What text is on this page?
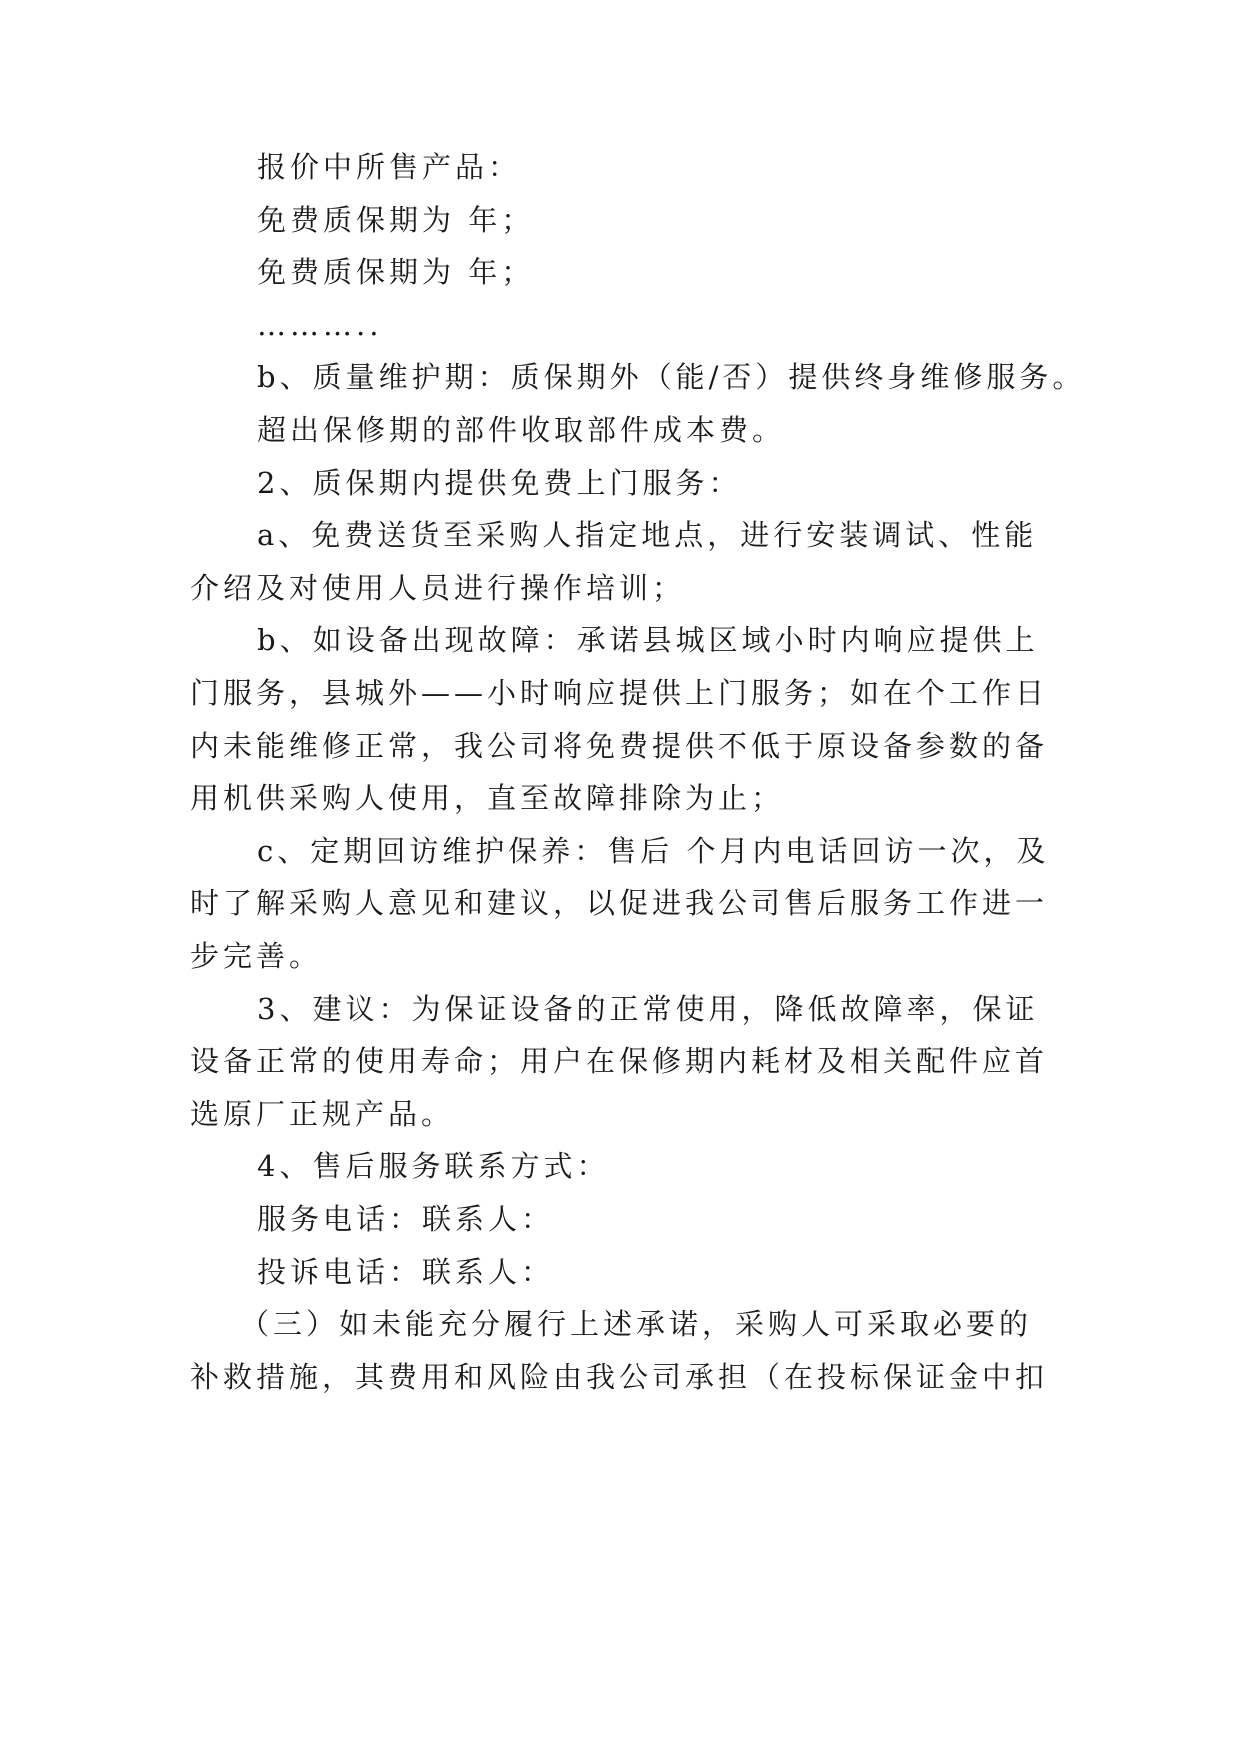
报价中所售产品：
免费质保期为 年；
免费质保期为 年；
………..
b、质量维护期：质保期外（能/否）提供终身维修服务。
超出保修期的部件收取部件成本费。
2、质保期内提供免费上门服务：
a、免费送货至采购人指定地点，进行安装调试、性能
介绍及对使用人员进行操作培训；
b、如设备出现故障：承诺县城区域小时内响应提供上
门服务，县城外——小时响应提供上门服务；如在个工作日
内未能维修正常，我公司将免费提供不低于原设备参数的备
用机供采购人使用，直至故障排除为止；
c、定期回访维护保养：售后 个月内电话回访一次，及
时了解采购人意见和建议，以促进我公司售后服务工作进一
步完善。
3、建议：为保证设备的正常使用，降低故障率，保证
设备正常的使用寿命；用户在保修期内耗材及相关配件应首
选原厂正规产品。
4、售后服务联系方式：
服务电话：联系人：
投诉电话：联系人：
（三）如未能充分履行上述承诺，采购人可采取必要的
补救措施，其费用和风险由我公司承担（在投标保证金中扣
